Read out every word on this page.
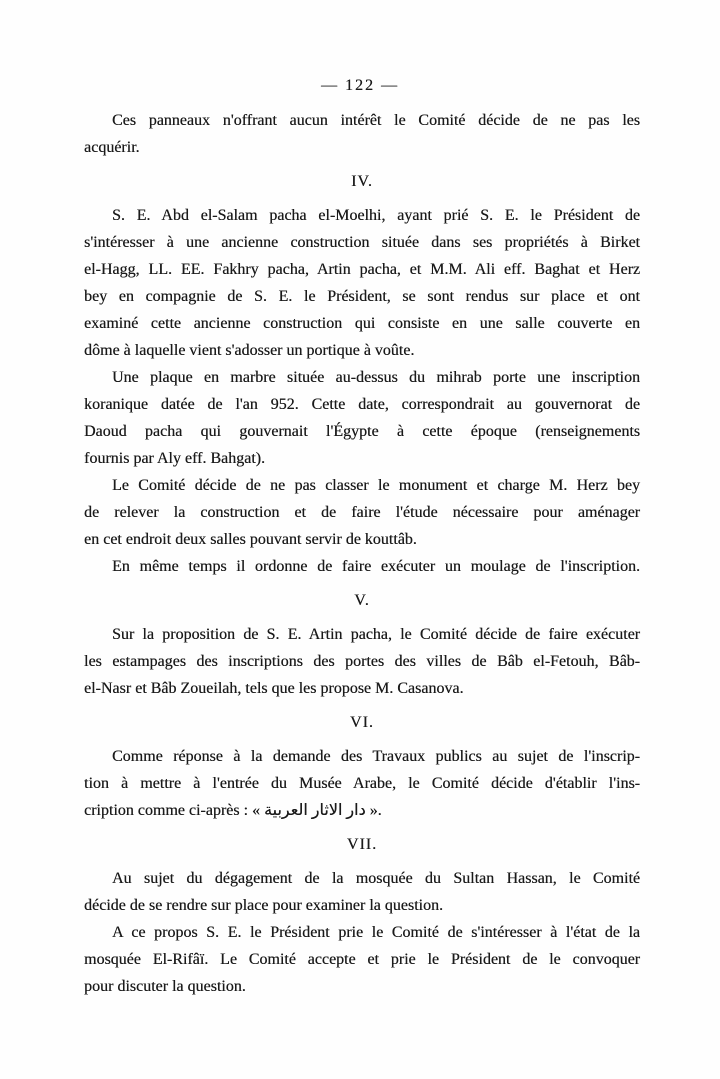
— 122 —
Ces panneaux n'offrant aucun intérêt le Comité décide de ne pas les
acquérir.
IV.
S. E. Abd el-Salam pacha el-Moelhi, ayant prié S. E. le Président de
s'intéresser à une ancienne construction située dans ses propriétés à Birket
el-Hagg, LL. EE. Fakhry pacha, Artin pacha, et M.M. Ali eff. Baghat et Herz
bey en compagnie de S. E. le Président, se sont rendus sur place et ont
examiné cette ancienne construction qui consiste en une salle couverte en
dôme à laquelle vient s'adosser un portique à voûte.
Une plaque en marbre située au-dessus du mihrab porte une inscription
koranique datée de l'an 952. Cette date, correspondrait au gouvernorat de
Daoud pacha qui gouvernait l'Égypte à cette époque (renseignements
fournis par Aly eff. Bahgat).
Le Comité décide de ne pas classer le monument et charge M. Herz bey
de relever la construction et de faire l'étude nécessaire pour aménager
en cet endroit deux salles pouvant servir de kouttâb.
En même temps il ordonne de faire exécuter un moulage de l'inscription.
V.
Sur la proposition de S. E. Artin pacha, le Comité décide de faire exécuter
les estampages des inscriptions des portes des villes de Bâb el-Fetouh, Bâb-
el-Nasr et Bâb Zoueilah, tels que les propose M. Casanova.
VI.
Comme réponse à la demande des Travaux publics au sujet de l'inscrip-
tion à mettre à l'entrée du Musée Arabe, le Comité décide d'établir l'ins-
cription comme ci-après : « دار الاثار العربية ».
VII.
Au sujet du dégagement de la mosquée du Sultan Hassan, le Comité
décide de se rendre sur place pour examiner la question.
A ce propos S. E. le Président prie le Comité de s'intéresser à l'état de la
mosquée El-Rifâï. Le Comité accepte et prie le Président de le convoquer
pour discuter la question.
